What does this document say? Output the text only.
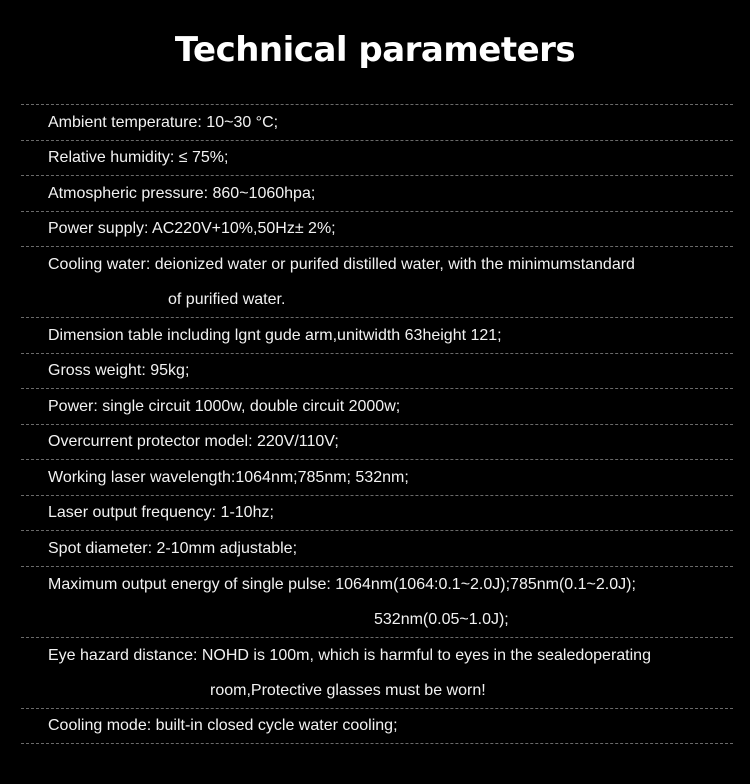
Technical parameters
Ambient temperature: 10~30 °C;
Relative humidity: ≤ 75%;
Atmospheric pressure: 860~1060hpa;
Power supply: AC220V+10%,50Hz± 2%;
Cooling water: deionized water or purifed distilled water, with the minimumstandard
of purified water.
Dimension table including lgnt gude arm,unitwidth 63height 121;
Gross weight: 95kg;
Power: single circuit 1000w, double circuit 2000w;
Overcurrent protector model: 220V/110V;
Working laser wavelength:1064nm;785nm; 532nm;
Laser output frequency: 1-10hz;
Spot diameter: 2-10mm adjustable;
Maximum output energy of single pulse: 1064nm(1064:0.1~2.0J);785nm(0.1~2.0J);
532nm(0.05~1.0J);
Eye hazard distance: NOHD is 100m, which is harmful to eyes in the sealedoperating
room,Protective glasses must be worn!
Cooling mode: built-in closed cycle water cooling;
